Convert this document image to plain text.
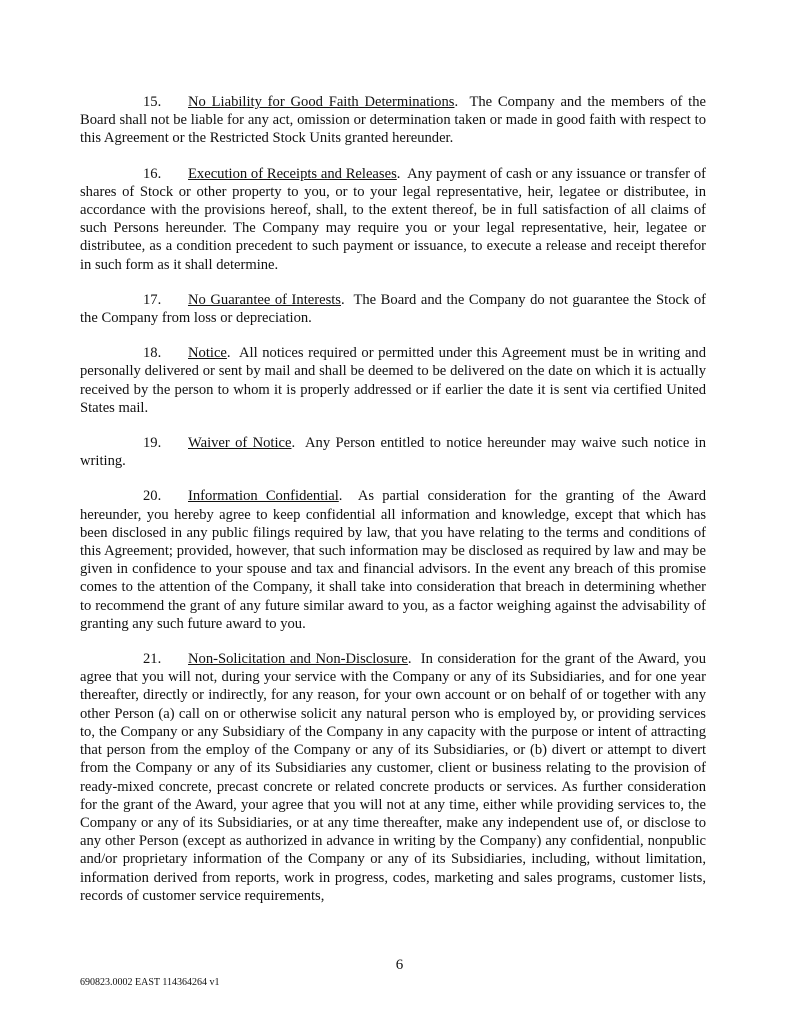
15. No Liability for Good Faith Determinations.  The Company and the members of the Board shall not be liable for any act, omission or determination taken or made in good faith with respect to this Agreement or the Restricted Stock Units granted hereunder.

16. Execution of Receipts and Releases.  Any payment of cash or any issuance or transfer of shares of Stock or other property to you, or to your legal representative, heir, legatee or distributee, in accordance with the provisions hereof, shall, to the extent thereof, be in full satisfaction of all claims of such Persons hereunder. The Company may require you or your legal representative, heir, legatee or distributee, as a condition precedent to such payment or issuance, to execute a release and receipt therefor in such form as it shall determine.

17. No Guarantee of Interests.  The Board and the Company do not guarantee the Stock of the Company from loss or depreciation.

18. Notice.  All notices required or permitted under this Agreement must be in writing and personally delivered or sent by mail and shall be deemed to be delivered on the date on which it is actually received by the person to whom it is properly addressed or if earlier the date it is sent via certified United States mail.

19. Waiver of Notice.  Any Person entitled to notice hereunder may waive such notice in writing.

20. Information Confidential.  As partial consideration for the granting of the Award hereunder, you hereby agree to keep confidential all information and knowledge, except that which has been disclosed in any public filings required by law, that you have relating to the terms and conditions of this Agreement; provided, however, that such information may be disclosed as required by law and may be given in confidence to your spouse and tax and financial advisors. In the event any breach of this promise comes to the attention of the Company, it shall take into consideration that breach in determining whether to recommend the grant of any future similar award to you, as a factor weighing against the advisability of granting any such future award to you.

21. Non-Solicitation and Non-Disclosure.  In consideration for the grant of the Award, you agree that you will not, during your service with the Company or any of its Subsidiaries, and for one year thereafter, directly or indirectly, for any reason, for your own account or on behalf of or together with any other Person (a) call on or otherwise solicit any natural person who is employed by, or providing services to, the Company or any Subsidiary of the Company in any capacity with the purpose or intent of attracting that person from the employ of the Company or any of its Subsidiaries, or (b) divert or attempt to divert from the Company or any of its Subsidiaries any customer, client or business relating to the provision of ready-mixed concrete, precast concrete or related concrete products or services. As further consideration for the grant of the Award, your agree that you will not at any time, either while providing services to, the Company or any of its Subsidiaries, or at any time thereafter, make any independent use of, or disclose to any other Person (except as authorized in advance in writing by the Company) any confidential, nonpublic and/or proprietary information of the Company or any of its Subsidiaries, including, without limitation, information derived from reports, work in progress, codes, marketing and sales programs, customer lists, records of customer service requirements,

6
690823.0002 EAST 114364264 v1
